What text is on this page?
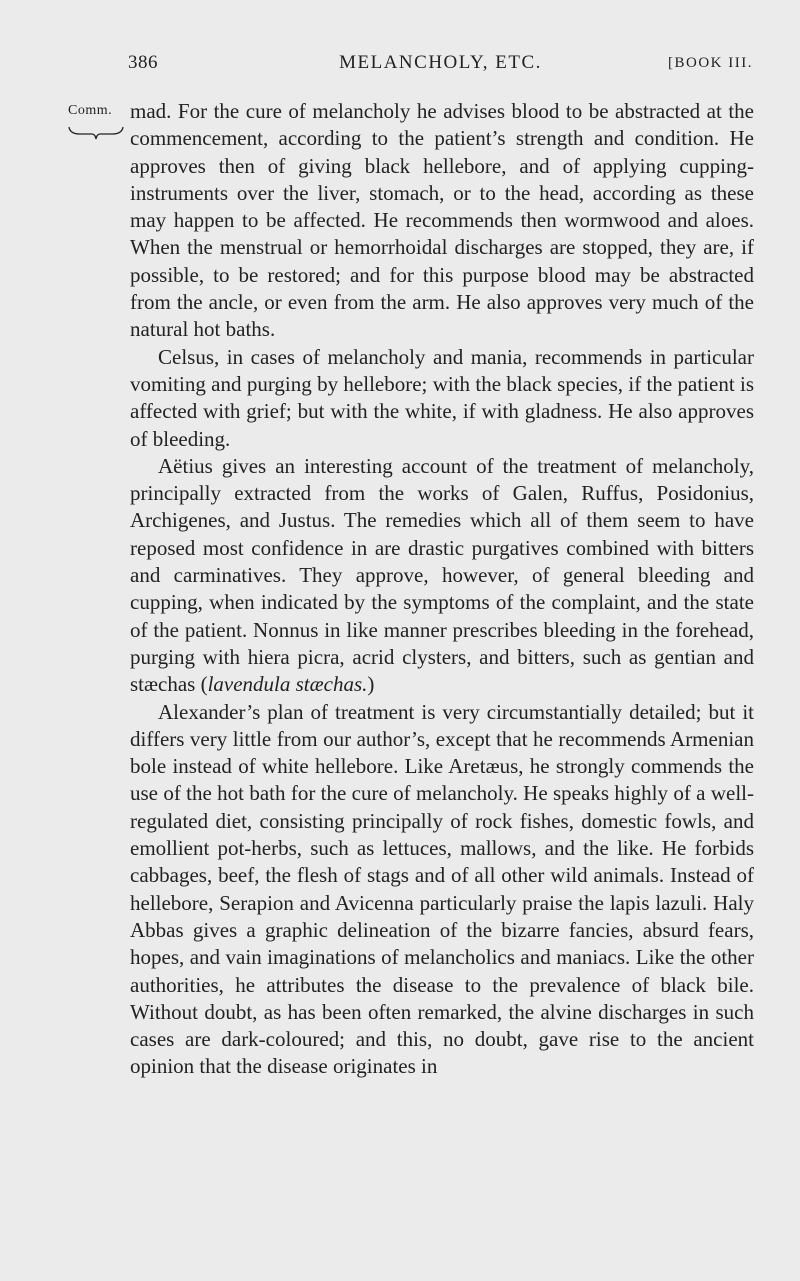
386	MELANCHOLY, ETC.	[BOOK III.
Comm. mad. For the cure of melancholy he advises blood to be abstracted at the commencement, according to the patient’s strength and condition. He approves then of giving black hellebore, and of applying cupping-instruments over the liver, stomach, or to the head, according as these may happen to be affected. He recommends then wormwood and aloes. When the menstrual or hemorrhoidal discharges are stopped, they are, if possible, to be restored; and for this purpose blood may be abstracted from the ancle, or even from the arm. He also approves very much of the natural hot baths.

Celsus, in cases of melancholy and mania, recommends in particular vomiting and purging by hellebore; with the black species, if the patient is affected with grief; but with the white, if with gladness. He also approves of bleeding.

Aëtius gives an interesting account of the treatment of melancholy, principally extracted from the works of Galen, Ruffus, Posidonius, Archigenes, and Justus. The remedies which all of them seem to have reposed most confidence in are drastic purgatives combined with bitters and carminatives. They approve, however, of general bleeding and cupping, when indicated by the symptoms of the complaint, and the state of the patient. Nonnus in like manner prescribes bleeding in the forehead, purging with hiera picra, acrid clysters, and bitters, such as gentian and stæchas (lavendula stæchas.)

Alexander’s plan of treatment is very circumstantially detailed; but it differs very little from our author’s, except that he recommends Armenian bole instead of white hellebore. Like Aretæus, he strongly commends the use of the hot bath for the cure of melancholy. He speaks highly of a well-regulated diet, consisting principally of rock fishes, domestic fowls, and emollient pot-herbs, such as lettuces, mallows, and the like. He forbids cabbages, beef, the flesh of stags and of all other wild animals. Instead of hellebore, Serapion and Avicenna particularly praise the lapis lazuli. Haly Abbas gives a graphic delineation of the bizarre fancies, absurd fears, hopes, and vain imaginations of melancholics and maniacs. Like the other authorities, he attributes the disease to the prevalence of black bile. Without doubt, as has been often remarked, the alvine discharges in such cases are dark-coloured; and this, no doubt, gave rise to the ancient opinion that the disease originates in
